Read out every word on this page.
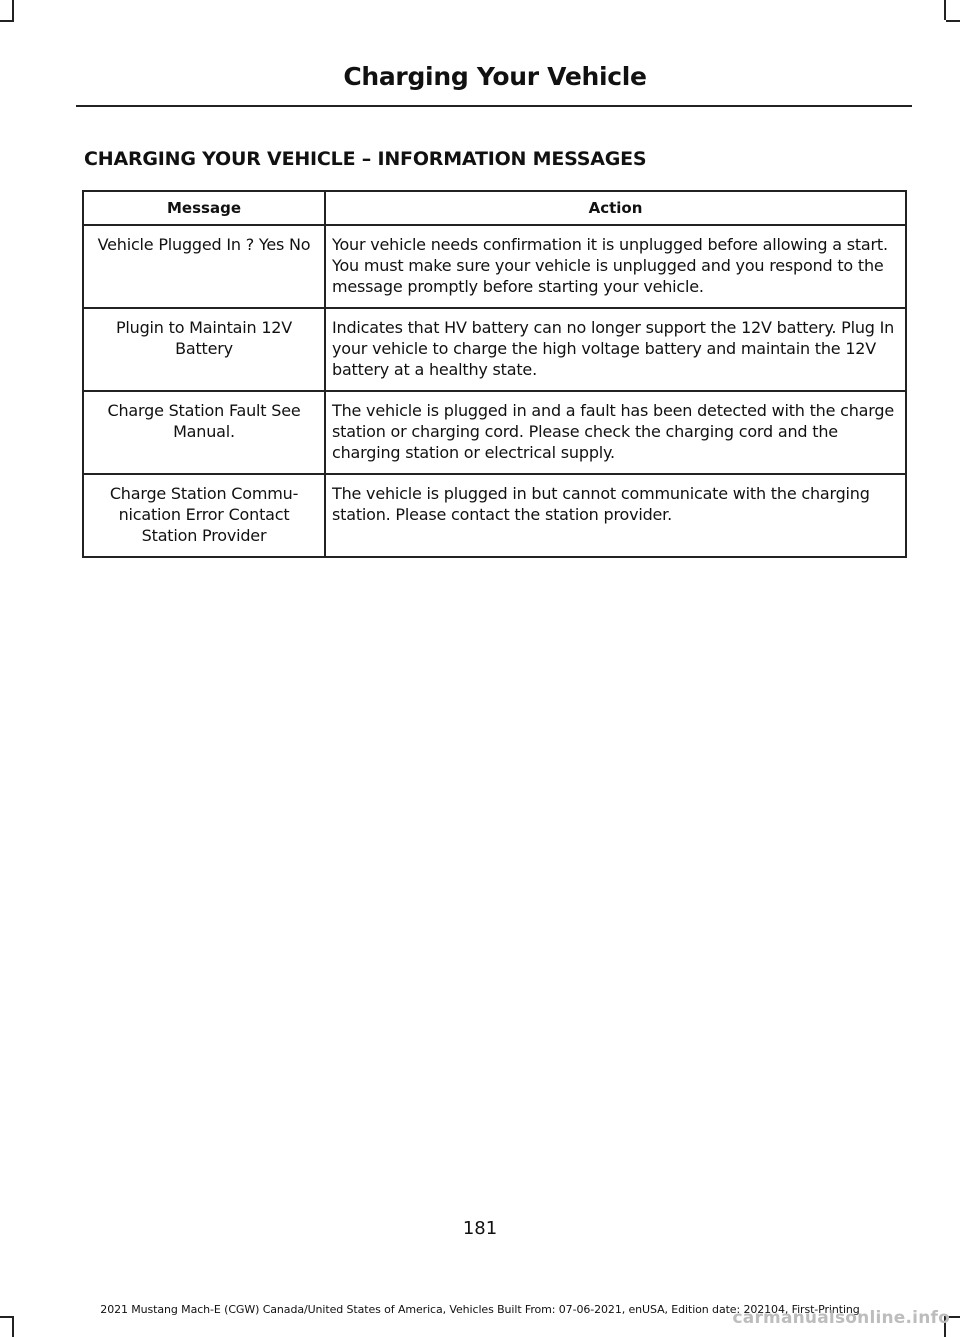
Charging Your Vehicle
CHARGING YOUR VEHICLE – INFORMATION MESSAGES
Message	Action
Vehicle Plugged In ? Yes No	Your vehicle needs confirmation it is unplugged before allowing a start. You must make sure your vehicle is unplugged and you respond to the message promptly before starting your vehicle.
Plugin to Maintain 12V Battery	Indicates that HV battery can no longer support the 12V battery. Plug In your vehicle to charge the high voltage battery and maintain the 12V battery at a healthy state.
Charge Station Fault See Manual.	The vehicle is plugged in and a fault has been detected with the charge station or charging cord. Please check the charging cord and the charging station or electrical supply.
Charge Station Commu- nication Error Contact Station Provider	The vehicle is plugged in but cannot communicate with the charging station. Please contact the station provider.
181
2021 Mustang Mach-E (CGW) Canada/United States of America, Vehicles Built From: 07-06-2021, enUSA, Edition date: 202104, First-Printing
carmanualsonline.info
